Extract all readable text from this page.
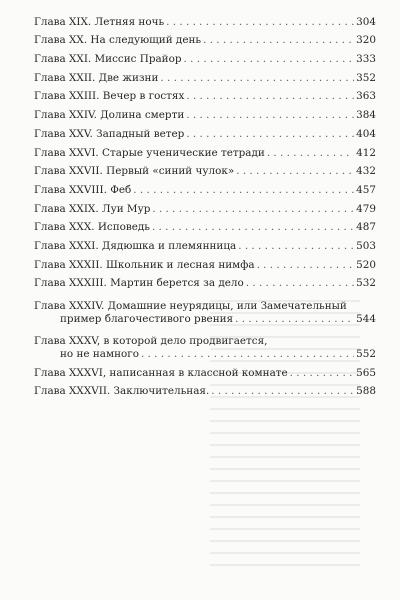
Глава XIX. Летняя ночь . . .	304
Глава XX. На следующий день . . .	320
Глава XXI. Миссис Прайор . . .	333
Глава XXII. Две жизни . . .	352
Глава XXIII. Вечер в гостях . . .	363
Глава XXIV. Долина смерти . . .	384
Глава XXV. Западный ветер . . .	404
Глава XXVI. Старые ученические тетради . . .	412
Глава XXVII. Первый «синий чулок» . . .	432
Глава XXVIII. Феб . . .	457
Глава XXIX. Луи Мур . . .	479
Глава XXX. Исповедь . . .	487
Глава XXXI. Дядюшка и племянница . . .	503
Глава XXXII. Школьник и лесная нимфа . . .	520
Глава XXXIII. Мартин берется за дело . . .	532
Глава XXXIV. Домашние неурядицы, или Замечательный
пример благочестивого рвения . . .	544
Глава XXXV, в которой дело продвигается,
но не намного . . .	552
Глава XXXVI, написанная в классной комнате . . .	565
Глава XXXVII. Заключительная. . . .	588
